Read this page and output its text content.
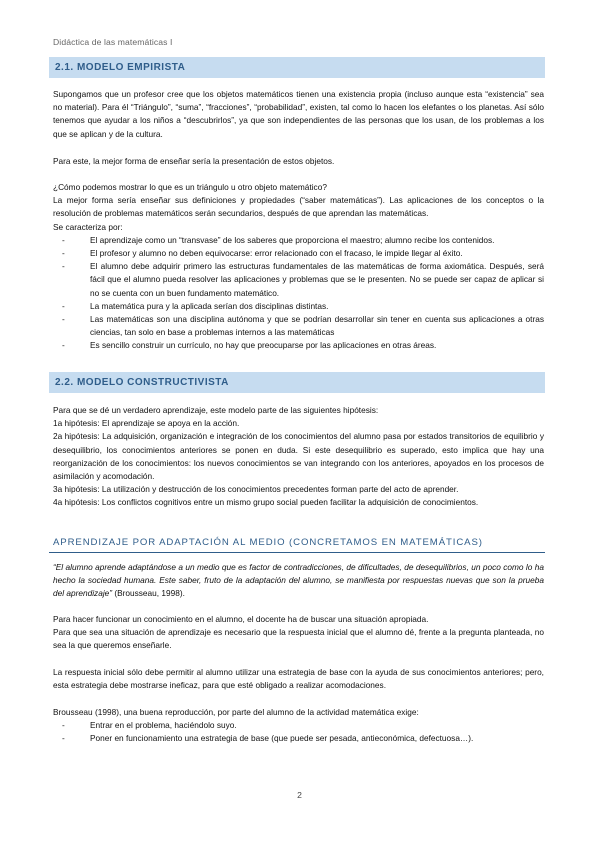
Didáctica de las matemáticas I
2.1. MODELO EMPIRISTA

Supongamos que un profesor cree que los objetos matemáticos tienen una existencia propia (incluso aunque esta “existencia” sea no material). Para él “Triángulo”, “suma”, “fracciones”, “probabilidad”, existen, tal como lo hacen los elefantes o los planetas. Así sólo tenemos que ayudar a los niños a “descubrirlos”, ya que son independientes de las personas que los usan, de los problemas a los que se aplican y de la cultura.

Para este, la mejor forma de enseñar sería la presentación de estos objetos.

¿Cómo podemos mostrar lo que es un triángulo u otro objeto matemático?

La mejor forma sería enseñar sus definiciones y propiedades (“saber matemáticas”). Las aplicaciones de los conceptos o la resolución de problemas matemáticos serán secundarios, después de que aprendan las matemáticas.

Se caracteriza por:

-	El aprendizaje como un “transvase” de los saberes que proporciona el maestro; alumno recibe los contenidos.
-	El profesor y alumno no deben equivocarse: error relacionado con el fracaso, le impide llegar al éxito.
-	El alumno debe adquirir primero las estructuras fundamentales de las matemáticas de forma axiomática. Después, será fácil que el alumno pueda resolver las aplicaciones y problemas que se le presenten. No se puede ser capaz de aplicar si no se cuenta con un buen fundamento matemático.
-	La matemática pura y la aplicada serían dos disciplinas distintas.
-	Las matemáticas son una disciplina autónoma y que se podrían desarrollar sin tener en cuenta sus aplicaciones a otras ciencias, tan solo en base a problemas internos a las matemáticas
-	Es sencillo construir un currículo, no hay que preocuparse por las aplicaciones en otras áreas.
2.2. MODELO CONSTRUCTIVISTA

Para que se dé un verdadero aprendizaje, este modelo parte de las siguientes hipótesis:

1a hipótesis: El aprendizaje se apoya en la acción.

2a hipótesis: La adquisición, organización e integración de los conocimientos del alumno pasa por estados transitorios de equilibrio y desequilibrio, los conocimientos anteriores se ponen en duda. Si este desequilibrio es superado, esto implica que hay una reorganización de los conocimientos: los nuevos conocimientos se van integrando con los anteriores, apoyados en los procesos de asimilación y acomodación.

3a hipótesis: La utilización y destrucción de los conocimientos precedentes forman parte del acto de aprender.

4a hipótesis: Los conflictos cognitivos entre un mismo grupo social pueden facilitar la adquisición de conocimientos.

APRENDIZAJE POR ADAPTACIÓN AL MEDIO (CONCRETAMOS EN MATEMÁTICAS)

“El alumno aprende adaptándose a un medio que es factor de contradicciones, de dificultades, de desequilibrios, un poco como lo ha hecho la sociedad humana. Este saber, fruto de la adaptación del alumno, se manifiesta por respuestas nuevas que son la prueba del aprendizaje” (Brousseau, 1998).

Para hacer funcionar un conocimiento en el alumno, el docente ha de buscar una situación apropiada.

Para que sea una situación de aprendizaje es necesario que la respuesta inicial que el alumno dé, frente a la pregunta planteada, no sea la que queremos enseñarle.

La respuesta inicial sólo debe permitir al alumno utilizar una estrategia de base con la ayuda de sus conocimientos anteriores; pero, esta estrategia debe mostrarse ineficaz, para que esté obligado a realizar acomodaciones.

Brousseau (1998), una buena reproducción, por parte del alumno de la actividad matemática exige:

-	Entrar en el problema, haciéndolo suyo.
-	Poner en funcionamiento una estrategia de base (que puede ser pesada, antieconómica, defectuosa…).
2
